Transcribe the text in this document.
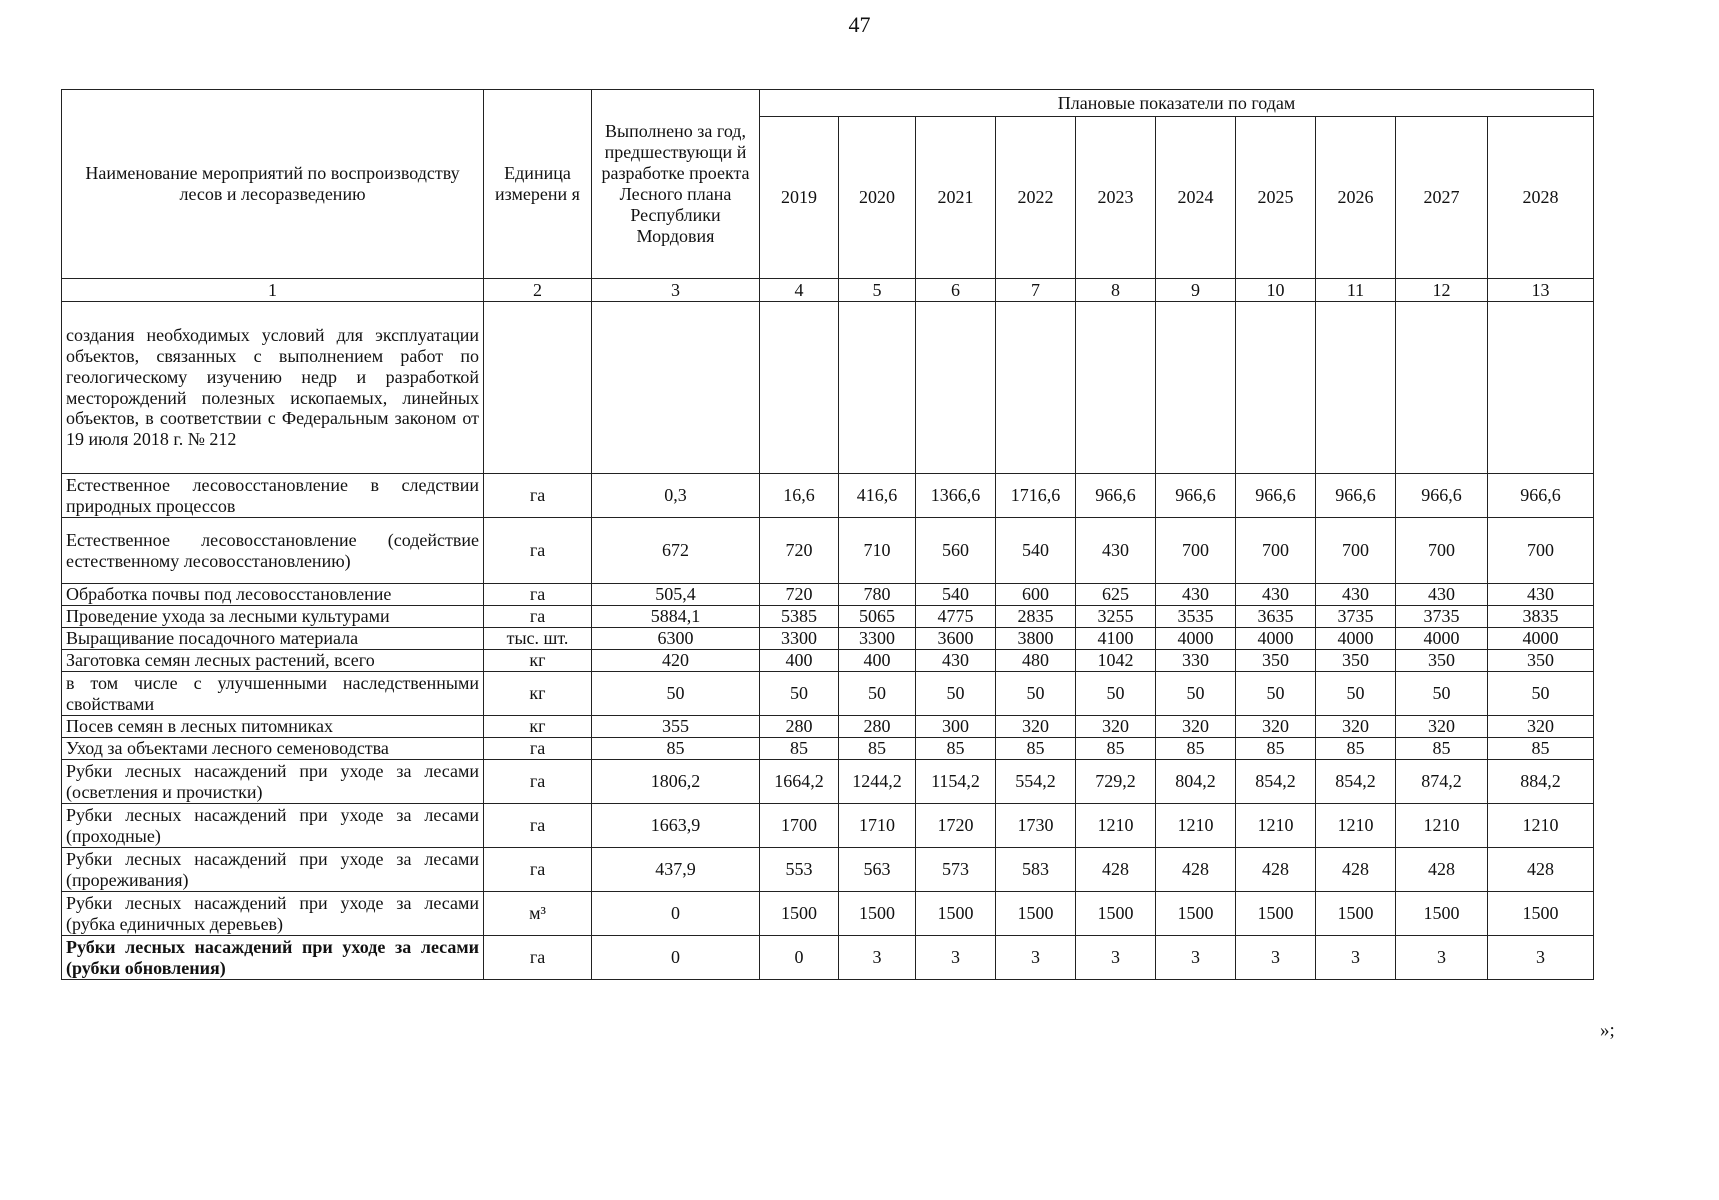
47
Наименование мероприятий по воспроизводству лесов и лесоразведению	Единица измерени я	Выполнено за год, предшествующи й разработке проекта Лесного плана Республики Мордовия	Плановые показатели по годам									
			2019	2020	2021	2022	2023	2024	2025	2026	2027	2028
1	2	3	4	5	6	7	8	9	10	11	12	13
создания необходимых условий для эксплуатации объектов, связанных с выполнением работ по геологическому изучению недр и разработкой месторождений полезных ископаемых, линейных объектов, в соответствии с Федеральным законом от 19 июля 2018 г. № 212												
Естественное лесовосстановление в следствии природных процессов	га	0,3	16,6	416,6	1366,6	1716,6	966,6	966,6	966,6	966,6	966,6	966,6
Естественное лесовосстановление (содействие естественному лесовосстановлению)	га	672	720	710	560	540	430	700	700	700	700	700
Обработка почвы под лесовосстановление	га	505,4	720	780	540	600	625	430	430	430	430	430
Проведение ухода за лесными культурами	га	5884,1	5385	5065	4775	2835	3255	3535	3635	3735	3735	3835
Выращивание посадочного материала	тыс. шт.	6300	3300	3300	3600	3800	4100	4000	4000	4000	4000	4000
Заготовка семян лесных растений, всего	кг	420	400	400	430	480	1042	330	350	350	350	350
в том числе с улучшенными наследственными свойствами	кг	50	50	50	50	50	50	50	50	50	50	50
Посев семян в лесных питомниках	кг	355	280	280	300	320	320	320	320	320	320	320
Уход за объектами лесного семеноводства	га	85	85	85	85	85	85	85	85	85	85	85
Рубки лесных насаждений при уходе за лесами (осветления и прочистки)	га	1806,2	1664,2	1244,2	1154,2	554,2	729,2	804,2	854,2	854,2	874,2	884,2
Рубки лесных насаждений при уходе за лесами (проходные)	га	1663,9	1700	1710	1720	1730	1210	1210	1210	1210	1210	1210
Рубки лесных насаждений при уходе за лесами (прореживания)	га	437,9	553	563	573	583	428	428	428	428	428	428
Рубки лесных насаждений при уходе за лесами (рубка единичных деревьев)	м³	0	1500	1500	1500	1500	1500	1500	1500	1500	1500	1500
Рубки лесных насаждений при уходе за лесами (рубки обновления)	га	0	0	3	3	3	3	3	3	3	3	3
»;
